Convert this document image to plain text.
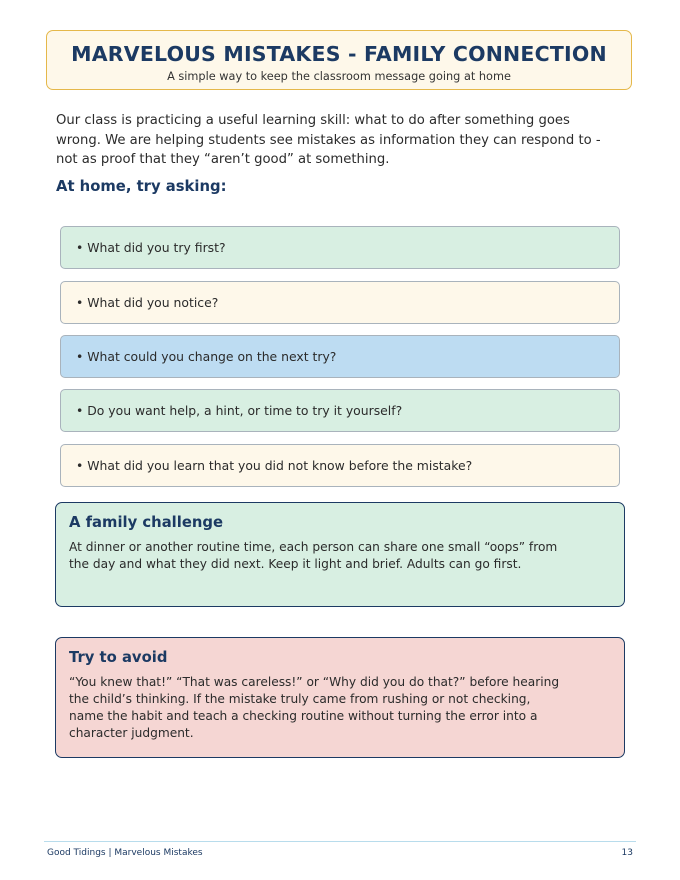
MARVELOUS MISTAKES - FAMILY CONNECTION
A simple way to keep the classroom message going at home
Our class is practicing a useful learning skill: what to do after something goes wrong. We are helping students see mistakes as information they can respond to - not as proof that they “aren’t good” at something.
At home, try asking:
• What did you try first?
• What did you notice?
• What could you change on the next try?
• Do you want help, a hint, or time to try it yourself?
• What did you learn that you did not know before the mistake?
A family challenge
At dinner or another routine time, each person can share one small “oops” from the day and what they did next. Keep it light and brief. Adults can go first.
Try to avoid
“You knew that!” “That was careless!” or “Why did you do that?” before hearing the child’s thinking. If the mistake truly came from rushing or not checking, name the habit and teach a checking routine without turning the error into a character judgment.
Good Tidings | Marvelous Mistakes	13
